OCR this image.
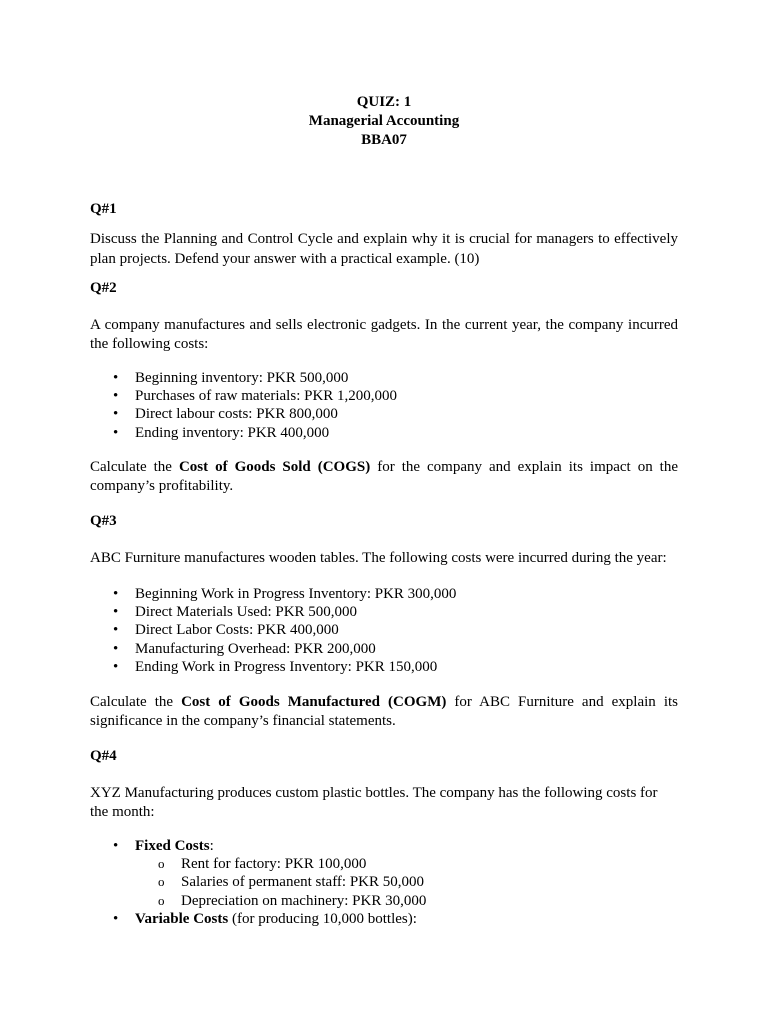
QUIZ: 1
Managerial Accounting
BBA07
Q#1
Discuss the Planning and Control Cycle and explain why it is crucial for managers to effectively plan projects. Defend your answer with a practical example. (10)
Q#2
A company manufactures and sells electronic gadgets. In the current year, the company incurred the following costs:
• Beginning inventory: PKR 500,000
• Purchases of raw materials: PKR 1,200,000
• Direct labour costs: PKR 800,000
• Ending inventory: PKR 400,000
Calculate the Cost of Goods Sold (COGS) for the company and explain its impact on the company’s profitability.
Q#3
ABC Furniture manufactures wooden tables. The following costs were incurred during the year:
• Beginning Work in Progress Inventory: PKR 300,000
• Direct Materials Used: PKR 500,000
• Direct Labor Costs: PKR 400,000
• Manufacturing Overhead: PKR 200,000
• Ending Work in Progress Inventory: PKR 150,000
Calculate the Cost of Goods Manufactured (COGM) for ABC Furniture and explain its significance in the company’s financial statements.
Q#4
XYZ Manufacturing produces custom plastic bottles. The company has the following costs for the month:
• Fixed Costs:
o Rent for factory: PKR 100,000
o Salaries of permanent staff: PKR 50,000
o Depreciation on machinery: PKR 30,000
• Variable Costs (for producing 10,000 bottles):
